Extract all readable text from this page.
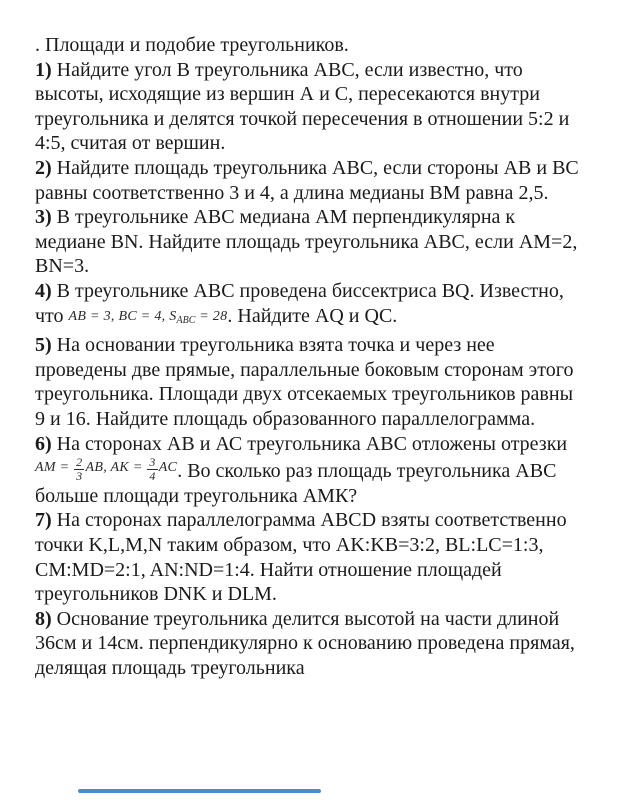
. Площади и подобие треугольников.

1) Найдите угол В треугольника АВС, если известно, что высоты, исходящие из вершин А и С, пересекаются внутри треугольника и делятся точкой пересечения в отношении 5:2 и 4:5, считая от вершин.

2) Найдите площадь треугольника АВС, если стороны АВ и ВС равны соответственно 3 и 4, а длина медианы ВМ равна 2,5.

3) В треугольнике АВС медиана АМ перпендикулярна к медиане BN. Найдите площадь треугольника АВС, если АМ=2, BN=3.

4) В треугольнике АВС проведена биссектриса BQ. Известно, что AB = 3, BC = 4, $S_{ABC} = 28$. Найдите AQ и QC.

5) На основании треугольника взята точка и через нее проведены две прямые, параллельные боковым сторонам этого треугольника. Площади двух отсекаемых треугольников равны 9 и 16. Найдите площадь образованного параллелограмма.

6) На сторонах АВ и АС треугольника АВС отложены отрезки $^{AM = \frac{2}{3} AB, AK = \frac{3}{4} AC}$. Во сколько раз площадь треугольника АВС больше площади треугольника АМК?

7) На сторонах параллелограмма ABCD взяты соответственно точки K,L,M,N таким образом, что AK:KB=3:2, BL:LC=1:3, CM:MD=2:1, AN:ND=1:4. Найти отношение площадей треугольников DNK и DLM.

8) Основание треугольника делится высотой на части длиной 36см и 14см. перпендикулярно к основанию проведена прямая, делящая площадь треугольника
